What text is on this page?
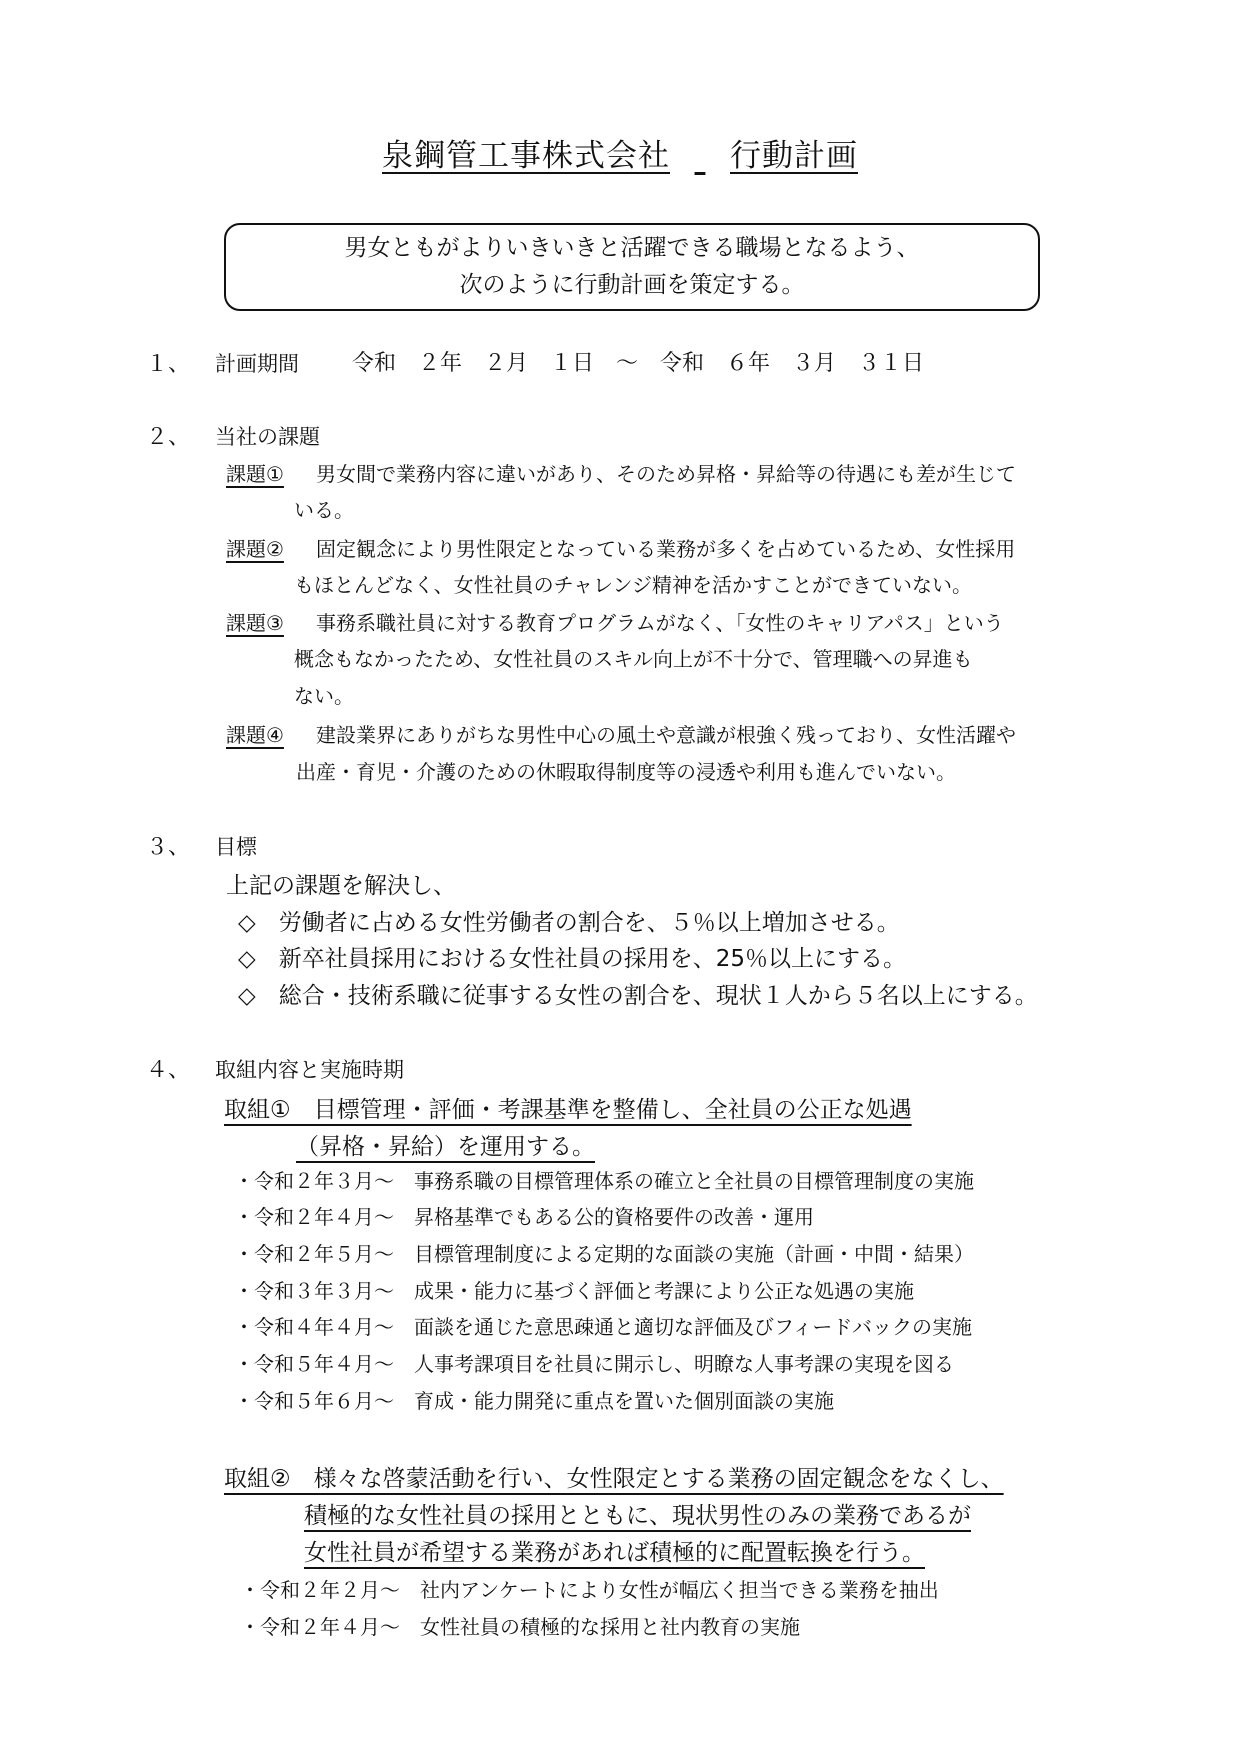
泉鋼管工事株式会社 行動計画
男女ともがよりいきいきと活躍できる職場となるよう、
次のように行動計画を策定する。
１、 計画期間 令和　２年　２月　１日　～　令和　６年　３月　３１日
２、 当社の課題
課題① 男女間で業務内容に違いがあり、そのため昇格・昇給等の待遇にも差が生じて
いる。
課題② 固定観念により男性限定となっている業務が多くを占めているため、女性採用
もほとんどなく、女性社員のチャレンジ精神を活かすことができていない。
課題③ 事務系職社員に対する教育プログラムがなく、「女性のキャリアパス」という
概念もなかったため、女性社員のスキル向上が不十分で、管理職への昇進も
ない。
課題④ 建設業界にありがちな男性中心の風土や意識が根強く残っており、女性活躍や
出産・育児・介護のための休暇取得制度等の浸透や利用も進んでいない。
３、 目標
上記の課題を解決し、
◇　労働者に占める女性労働者の割合を、５％以上増加させる。
◇　新卒社員採用における女性社員の採用を、25％以上にする。
◇　総合・技術系職に従事する女性の割合を、現状１人から５名以上にする。
４、 取組内容と実施時期
取組①　目標管理・評価・考課基準を整備し、全社員の公正な処遇
（昇格・昇給）を運用する。
・令和２年３月～　事務系職の目標管理体系の確立と全社員の目標管理制度の実施
・令和２年４月～　昇格基準でもある公的資格要件の改善・運用
・令和２年５月～　目標管理制度による定期的な面談の実施（計画・中間・結果）
・令和３年３月～　成果・能力に基づく評価と考課により公正な処遇の実施
・令和４年４月～　面談を通じた意思疎通と適切な評価及びフィードバックの実施
・令和５年４月～　人事考課項目を社員に開示し、明瞭な人事考課の実現を図る
・令和５年６月～　育成・能力開発に重点を置いた個別面談の実施
取組②　様々な啓蒙活動を行い、女性限定とする業務の固定観念をなくし、
積極的な女性社員の採用とともに、現状男性のみの業務であるが
女性社員が希望する業務があれば積極的に配置転換を行う。
・令和２年２月～　社内アンケートにより女性が幅広く担当できる業務を抽出
・令和２年４月～　女性社員の積極的な採用と社内教育の実施
